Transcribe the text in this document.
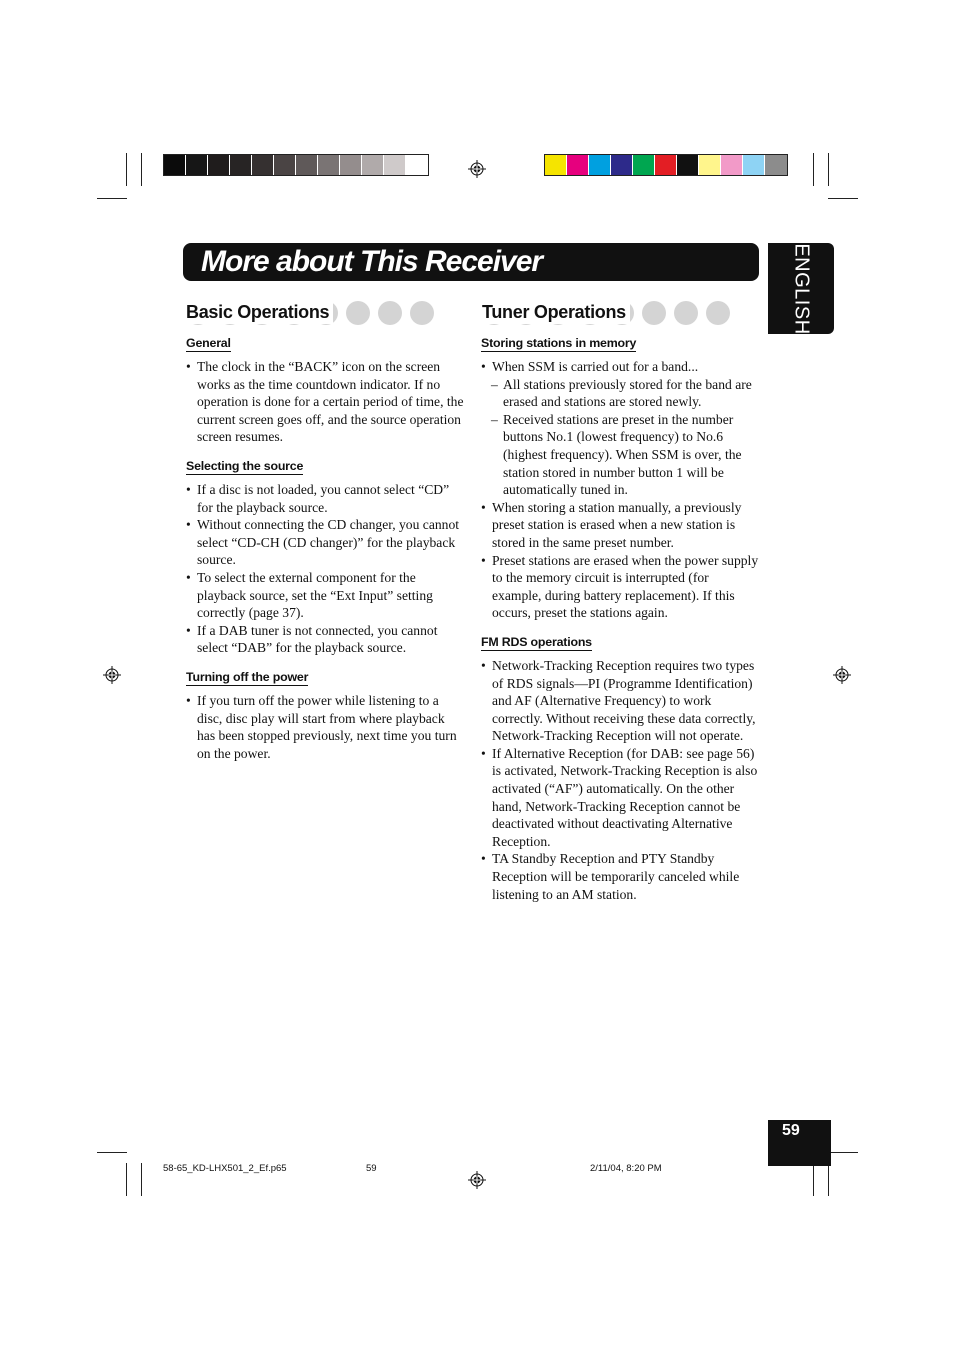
More about This Receiver	ENGLISH
Basic Operations	Tuner Operations
General
• The clock in the “BACK” icon on the screen works as the time countdown indicator. If no operation is done for a certain period of time, the current screen goes off, and the source operation screen resumes.
Selecting the source
• If a disc is not loaded, you cannot select “CD” for the playback source.
• Without connecting the CD changer, you cannot select “CD-CH (CD changer)” for the playback source.
• To select the external component for the playback source, set the “Ext Input” setting correctly (page 37).
• If a DAB tuner is not connected, you cannot select “DAB” for the playback source.
Turning off the power
• If you turn off the power while listening to a disc, disc play will start from where playback has been stopped previously, next time you turn on the power.
Storing stations in memory
• When SSM is carried out for a band...
– All stations previously stored for the band are erased and stations are stored newly.
– Received stations are preset in the number buttons No.1 (lowest frequency) to No.6 (highest frequency). When SSM is over, the station stored in number button 1 will be automatically tuned in.
• When storing a station manually, a previously preset station is erased when a new station is stored in the same preset number.
• Preset stations are erased when the power supply to the memory circuit is interrupted (for example, during battery replacement). If this occurs, preset the stations again.
FM RDS operations
• Network-Tracking Reception requires two types of RDS signals—PI (Programme Identification) and AF (Alternative Frequency) to work correctly. Without receiving these data correctly, Network-Tracking Reception will not operate.
• If Alternative Reception (for DAB: see page 56) is activated, Network-Tracking Reception is also activated (“AF”) automatically. On the other hand, Network-Tracking Reception cannot be deactivated without deactivating Alternative Reception.
• TA Standby Reception and PTY Standby Reception will be temporarily canceled while listening to an AM station.
59
58-65_KD-LHX501_2_Ef.p65	59	2/11/04, 8:20 PM
